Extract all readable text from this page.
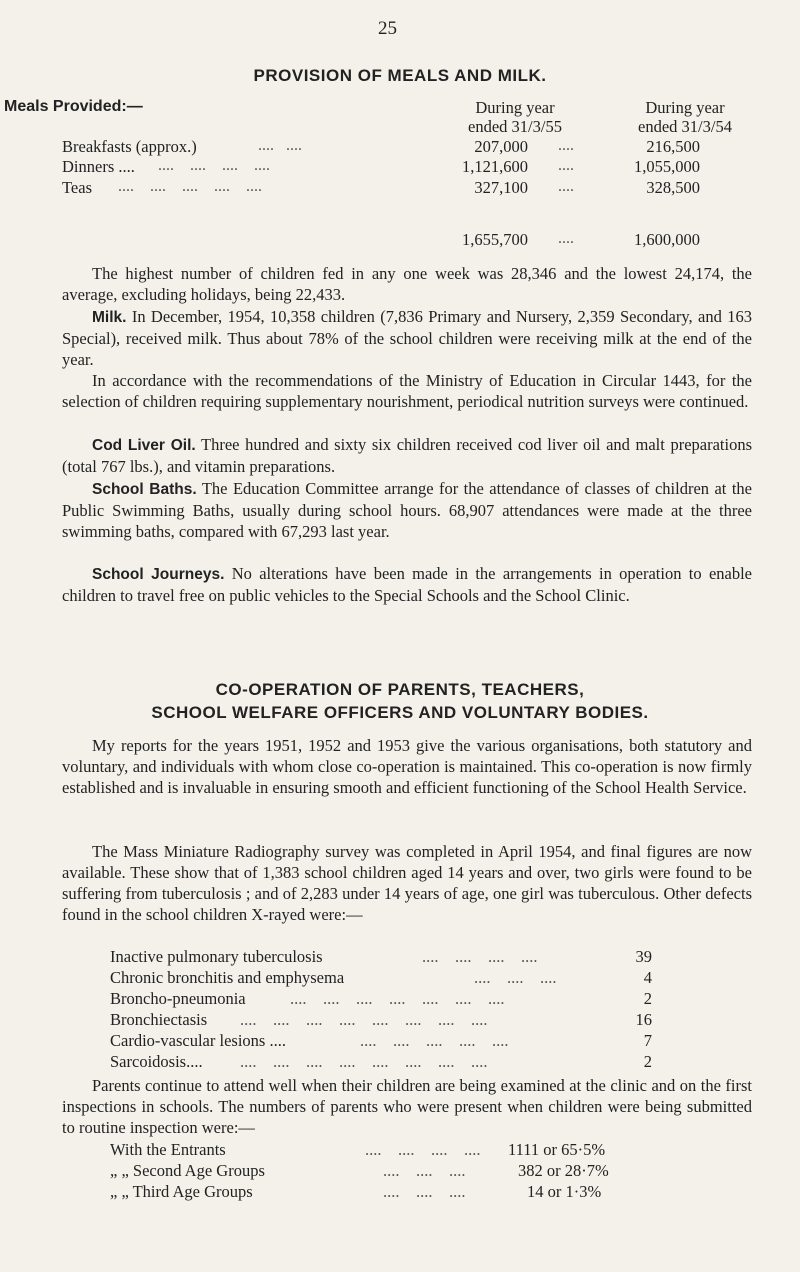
25
PROVISION OF MEALS AND MILK.
Meals Provided:—	During year
ended 31/3/55
During year
ended 31/3/54
Breakfasts (approx.)	....   ....	207,000 ....	216,500
Dinners .... ....    ....    ....    ....	1,121,600 ....	1,055,000
Teas ....    ....    ....    ....    ....	327,100 ....	328,500
1,655,700 ....	1,600,000
The highest number of children fed in any one week was 28,346 and the lowest 24,174, the average, excluding holidays, being 22,433.
Milk. In December, 1954, 10,358 children (7,836 Primary and Nursery, 2,359 Secondary, and 163 Special), received milk. Thus about 78% of the school children were receiving milk at the end of the year.
In accordance with the recommendations of the Ministry of Education in Circular 1443, for the selection of children requiring supplementary nourishment, periodical nutrition surveys were continued.
Cod Liver Oil. Three hundred and sixty six children received cod liver oil and malt preparations (total 767 lbs.), and vitamin preparations.
School Baths. The Education Committee arrange for the attendance of classes of children at the Public Swimming Baths, usually during school hours. 68,907 attendances were made at the three swimming baths, compared with 67,293 last year.
School Journeys. No alterations have been made in the arrangements in operation to enable children to travel free on public vehicles to the Special Schools and the School Clinic.
CO-OPERATION OF PARENTS, TEACHERS,
SCHOOL WELFARE OFFICERS AND VOLUNTARY BODIES.
My reports for the years 1951, 1952 and 1953 give the various organisations, both statutory and voluntary, and individuals with whom close co-operation is maintained. This co-operation is now firmly established and is invaluable in ensuring smooth and efficient functioning of the School Health Service.
The Mass Miniature Radiography survey was completed in April 1954, and final figures are now available. These show that of 1,383 school children aged 14 years and over, two girls were found to be suffering from tuberculosis ; and of 2,283 under 14 years of age, one girl was tuberculous. Other defects found in the school children X-rayed were:—
Inactive pulmonary tuberculosis	....    ....    ....    ....	39
Chronic bronchitis and emphysema	....    ....    ....	4
Broncho-pneumonia	....    ....    ....    ....    ....    ....    ....	2
Bronchiectasis ....    ....    ....    ....    ....    ....    ....    ....	16
Cardio-vascular lesions ....	....    ....    ....    ....    ....	7
Sarcoidosis.... ....    ....    ....    ....    ....    ....    ....    ....	2
Parents continue to attend well when their children are being examined at the clinic and on the first inspections in schools. The numbers of parents who were present when children were being submitted to routine inspection were:—
With the Entrants	....    ....    ....    .... 1111 or 65·5%
„ „ Second Age Groups	....    ....    ....	382 or 28·7%
„ „ Third Age Groups	....    ....    ....	14 or 1·3%
